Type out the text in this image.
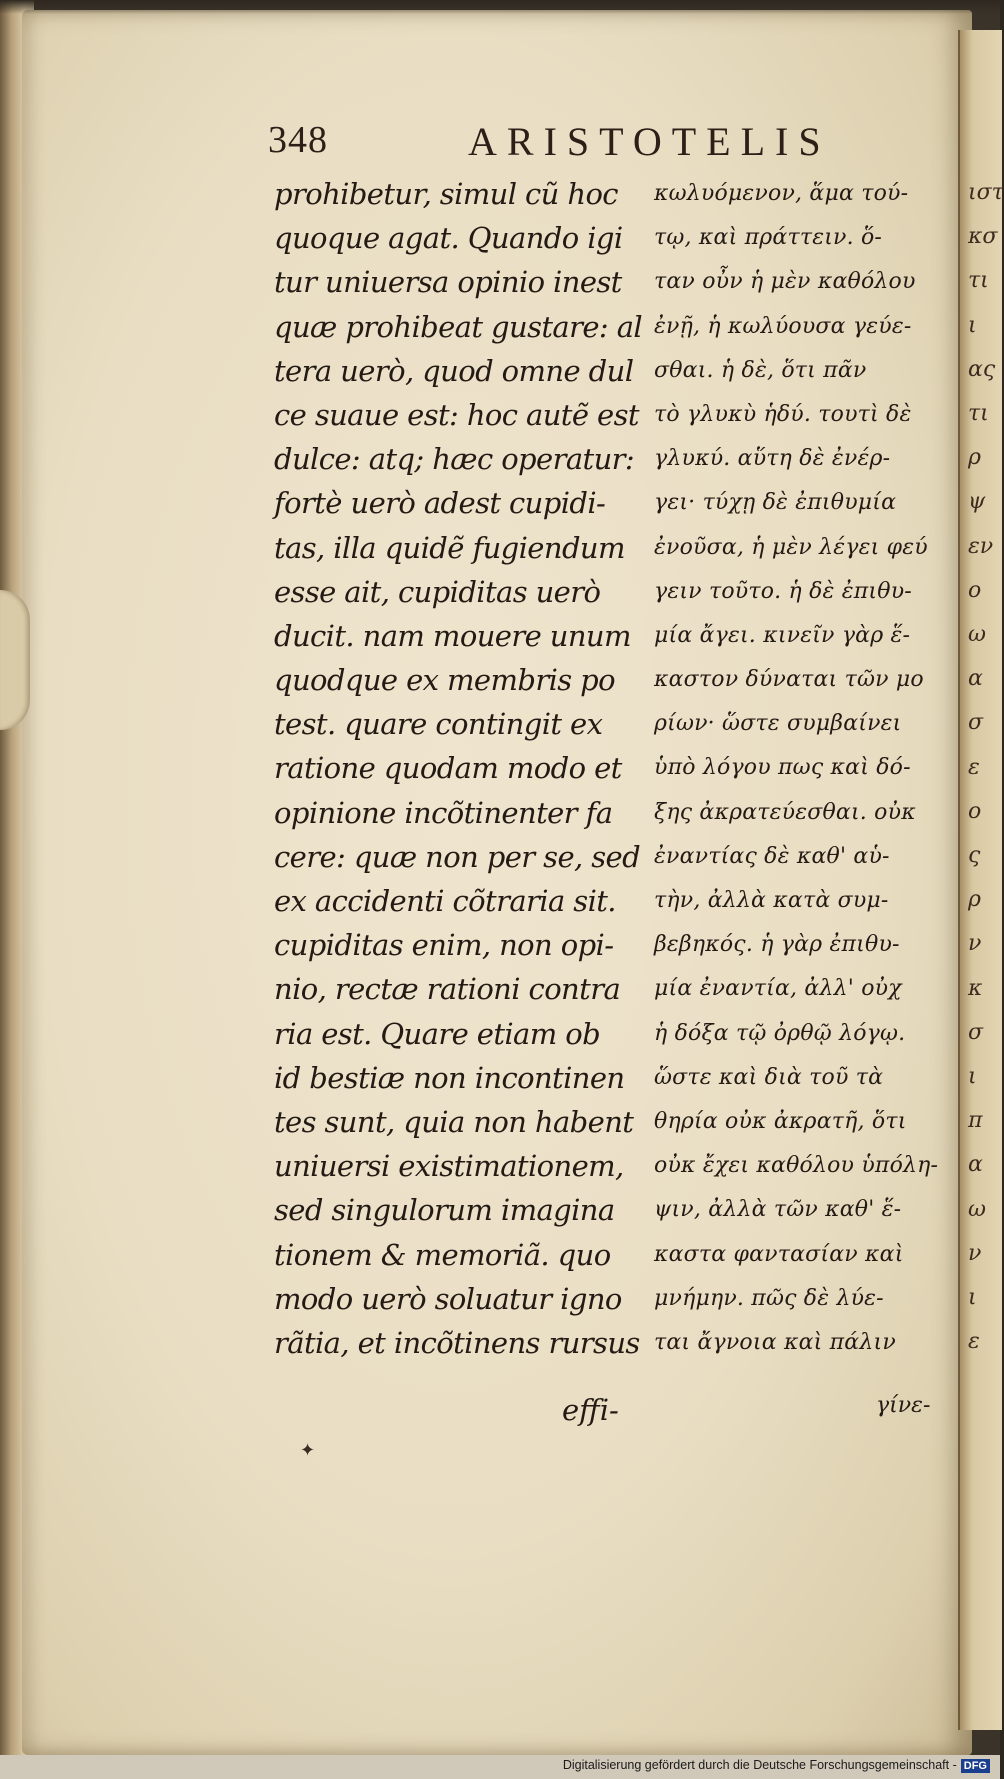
ιστ
κσ
τι
ι
ας
τι
ρ
ψ
εν
ο
ω
α
σ
ε
ο
ς
ρ
ν
κ
σ
ι
π
α
ω
ν
ι
ε
348	ARISTOTELIS
prohibetur, simul cũ hoc
quoque agat. Quando igi
tur uniuersa opinio inest
quæ prohibeat gustare: al
tera uerò, quod omne dul
ce suaue est: hoc autẽ est
dulce: atq; hæc operatur:
fortè uerò adest cupidi-
tas, illa quidẽ fugiendum
esse ait, cupiditas uerò
ducit. nam mouere unum
quodque ex membris po
test. quare contingit ex
ratione quodam modo et
opinione incõtinenter fa
cere: quæ non per se, sed
ex accidenti cõtraria sit.
cupiditas enim, non opi-
nio, rectæ rationi contra
ria est. Quare etiam ob
id bestiæ non incontinen
tes sunt, quia non habent
uniuersi existimationem,
sed singulorum imagina
tionem & memoriã. quo
modo uerò soluatur igno
rãtia, et incõtinens rursus
κωλυόμενον, ἅμα τού-
τῳ, καὶ πράττειν. ὅ-
ταν οὖν ἡ μὲν καθόλου
ἐνῇ, ἡ κωλύουσα γεύε-
σθαι. ἡ δὲ, ὅτι πᾶν
τὸ γλυκὺ ἡδύ. τουτὶ δὲ
γλυκύ. αὕτη δὲ ἐνέρ-
γει· τύχῃ δὲ ἐπιθυμία
ἐνοῦσα, ἡ μὲν λέγει φεύ
γειν τοῦτο. ἡ δὲ ἐπιθυ-
μία ἄγει. κινεῖν γὰρ ἕ-
καστον δύναται τῶν μο
ρίων· ὥστε συμβαίνει
ὑπὸ λόγου πως καὶ δό-
ξης ἀκρατεύεσθαι. οὐκ
ἐναντίας δὲ καθ' αὑ-
τὴν, ἀλλὰ κατὰ συμ-
βεβηκός. ἡ γὰρ ἐπιθυ-
μία ἐναντία, ἀλλ' οὐχ
ἡ δόξα τῷ ὀρθῷ λόγῳ.
ὥστε καὶ διὰ τοῦ τὰ
θηρία οὐκ ἀκρατῆ, ὅτι
οὐκ ἔχει καθόλου ὑπόλη-
ψιν, ἀλλὰ τῶν καθ' ἕ-
καστα φαντασίαν καὶ
μνήμην. πῶς δὲ λύε-
ται ἄγνοια καὶ πάλιν
effi-	γίνε-
✦
Digitalisierung gefördert durch die Deutsche Forschungsgemeinschaft - DFG
